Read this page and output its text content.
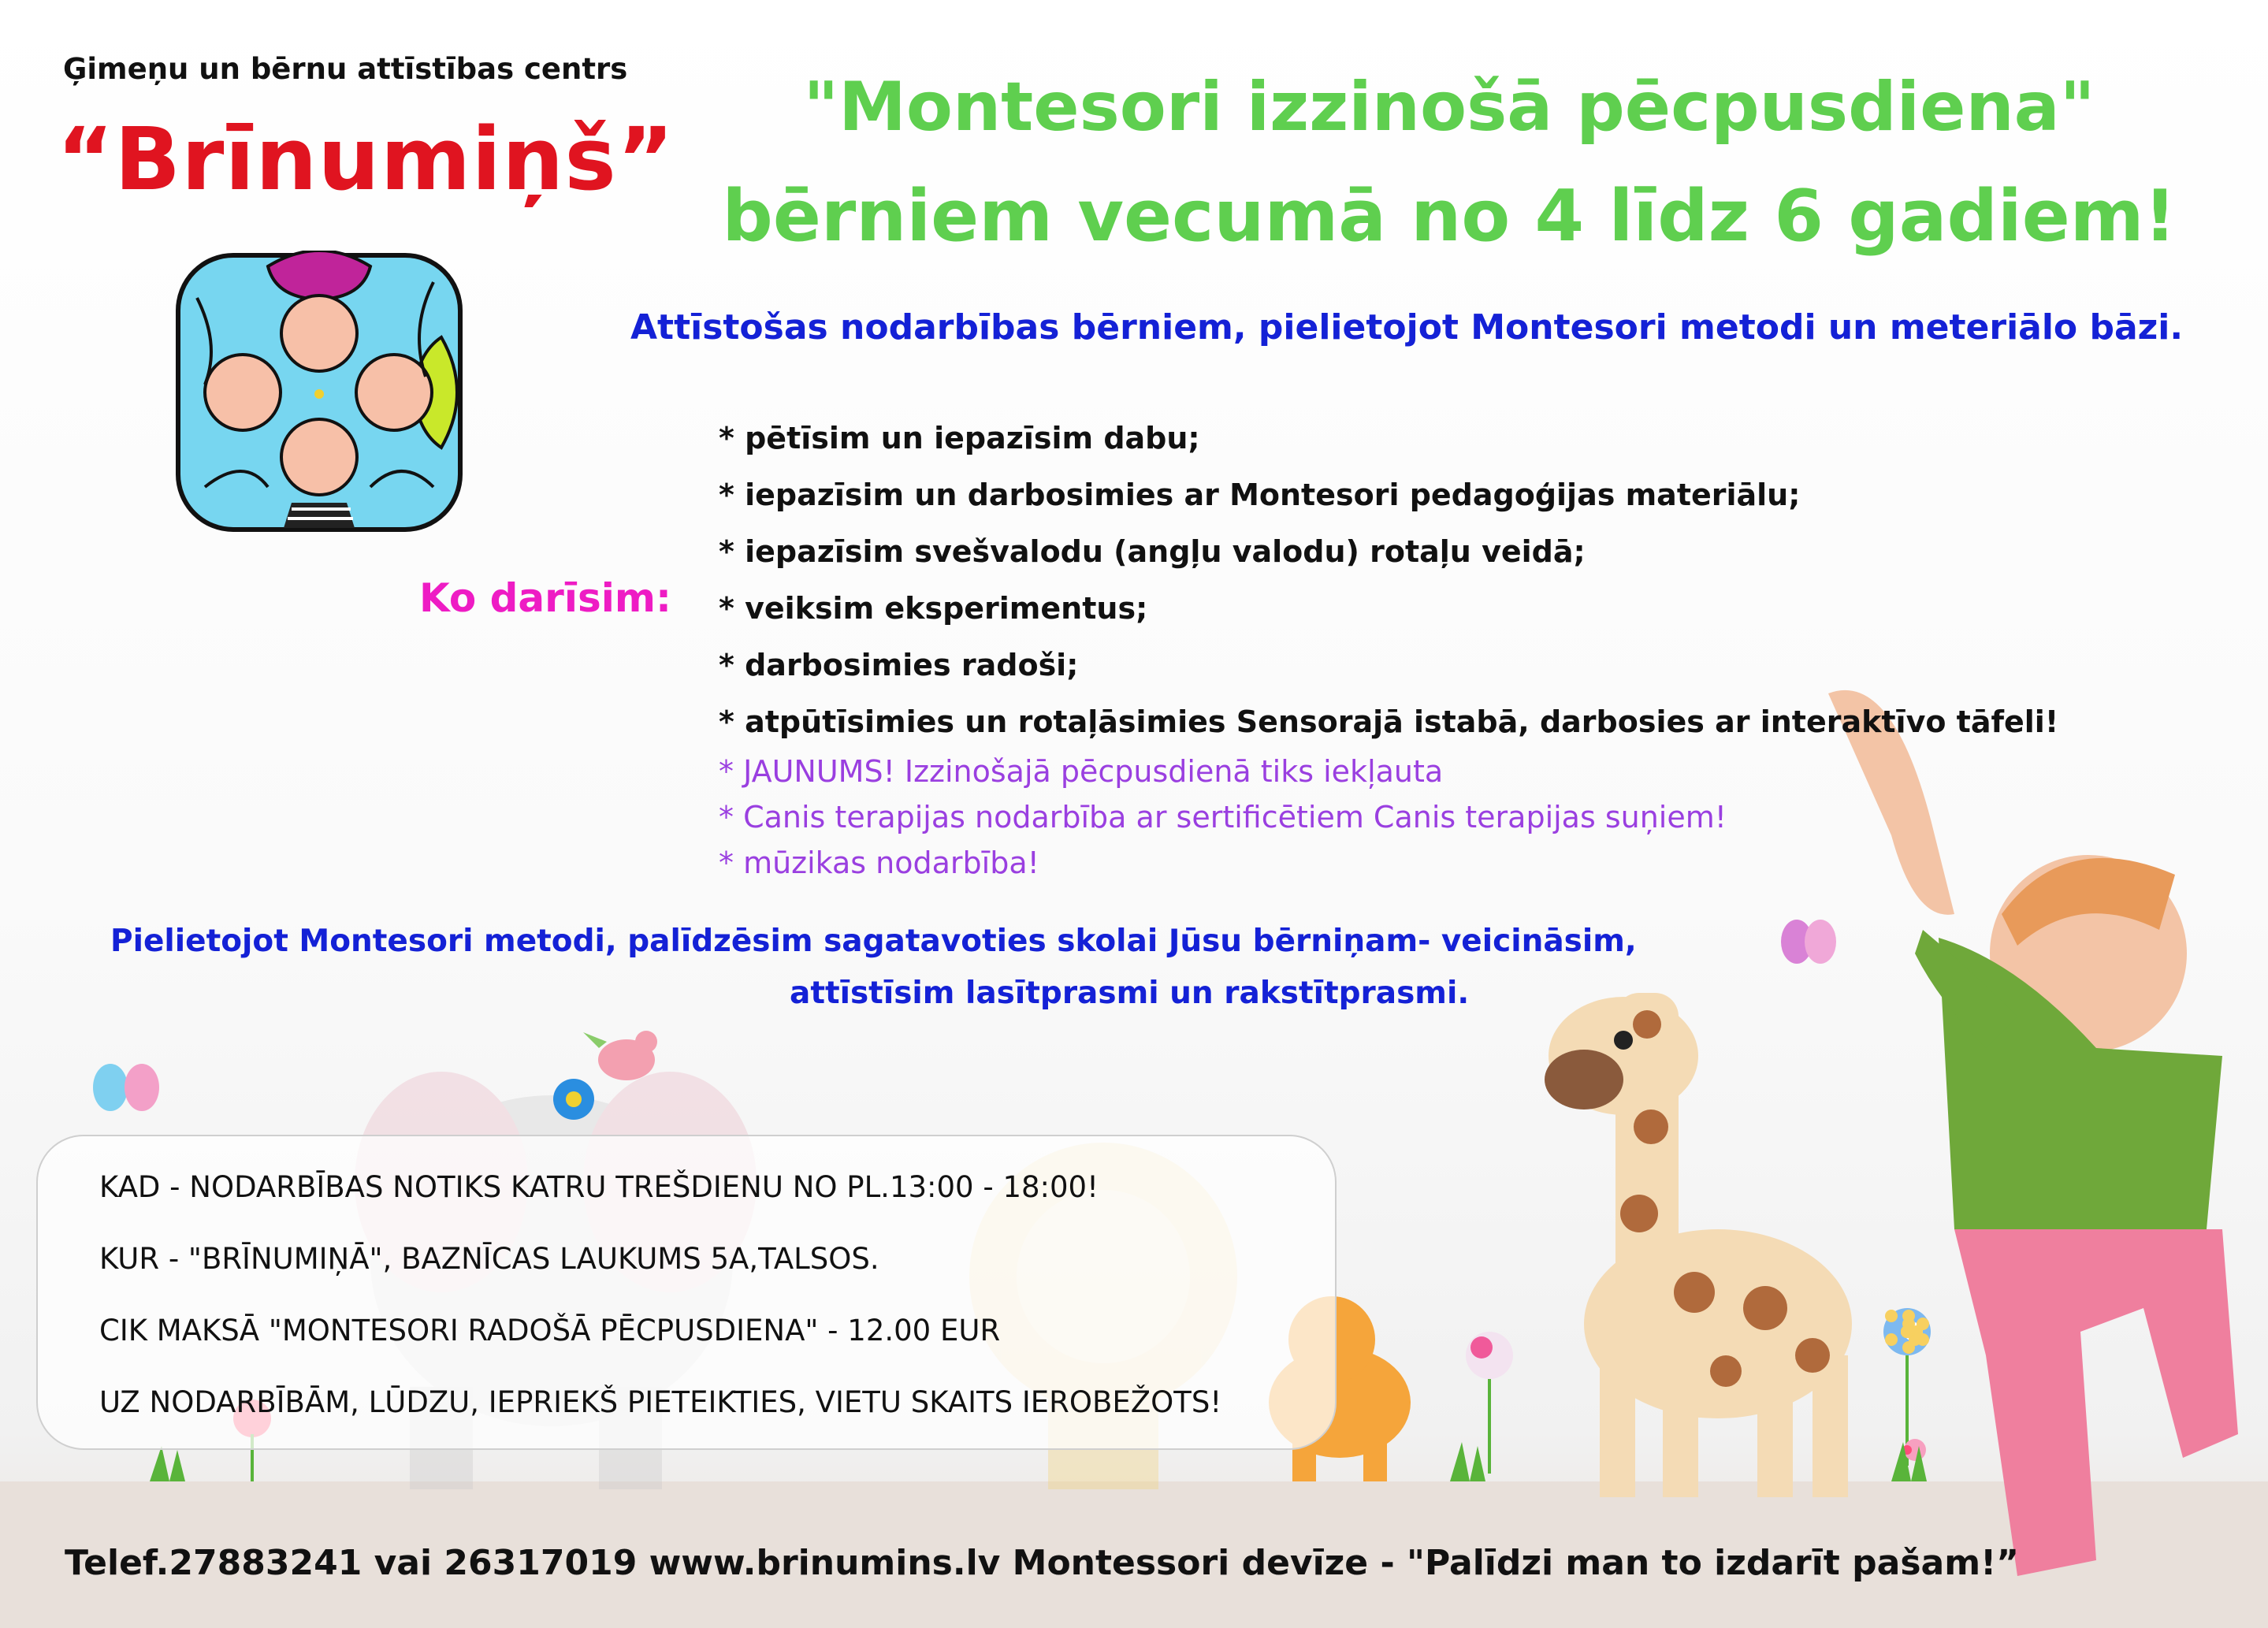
Ģimeņu un bērnu attīstības centrs
“Brīnumiņš”
"Montesori izzinošā pēcpusdiena"
bērniem vecumā no 4 līdz 6 gadiem!
Attīstošas nodarbības bērniem, pielietojot Montesori metodi un meteriālo bāzi.
Ko darīsim:
* pētīsim un iepazīsim dabu;
* iepazīsim un darbosimies ar Montesori pedagoģijas materiālu;
* iepazīsim svešvalodu (angļu valodu) rotaļu veidā;
* veiksim eksperimentus;
* darbosimies radoši;
* atpūtīsimies un rotaļāsimies Sensorajā istabā, darbosies ar interaktīvo tāfeli!
* JAUNUMS! Izzinošajā pēcpusdienā tiks iekļauta
* Canis terapijas nodarbība ar sertificētiem Canis terapijas suņiem!
* mūzikas nodarbība!
Pielietojot Montesori metodi, palīdzēsim sagatavoties skolai Jūsu bērniņam- veicināsim,
attīstīsim lasītprasmi un rakstītprasmi.
KAD - NODARBĪBAS NOTIKS KATRU TREŠDIENU NO PL.13:00 - 18:00!
KUR - "BRĪNUMIŅĀ", BAZNĪCAS LAUKUMS 5A,TALSOS.
CIK MAKSĀ "MONTESORI RADOŠĀ PĒCPUSDIENA" - 12.00 EUR
UZ NODARBĪBĀM, LŪDZU, IEPRIEKŠ PIETEIKTIES, VIETU SKAITS IEROBEŽOTS!
Telef.27883241 vai 26317019 www.brinumins.lv Montessori devīze - "Palīdzi man to izdarīt pašam!”
